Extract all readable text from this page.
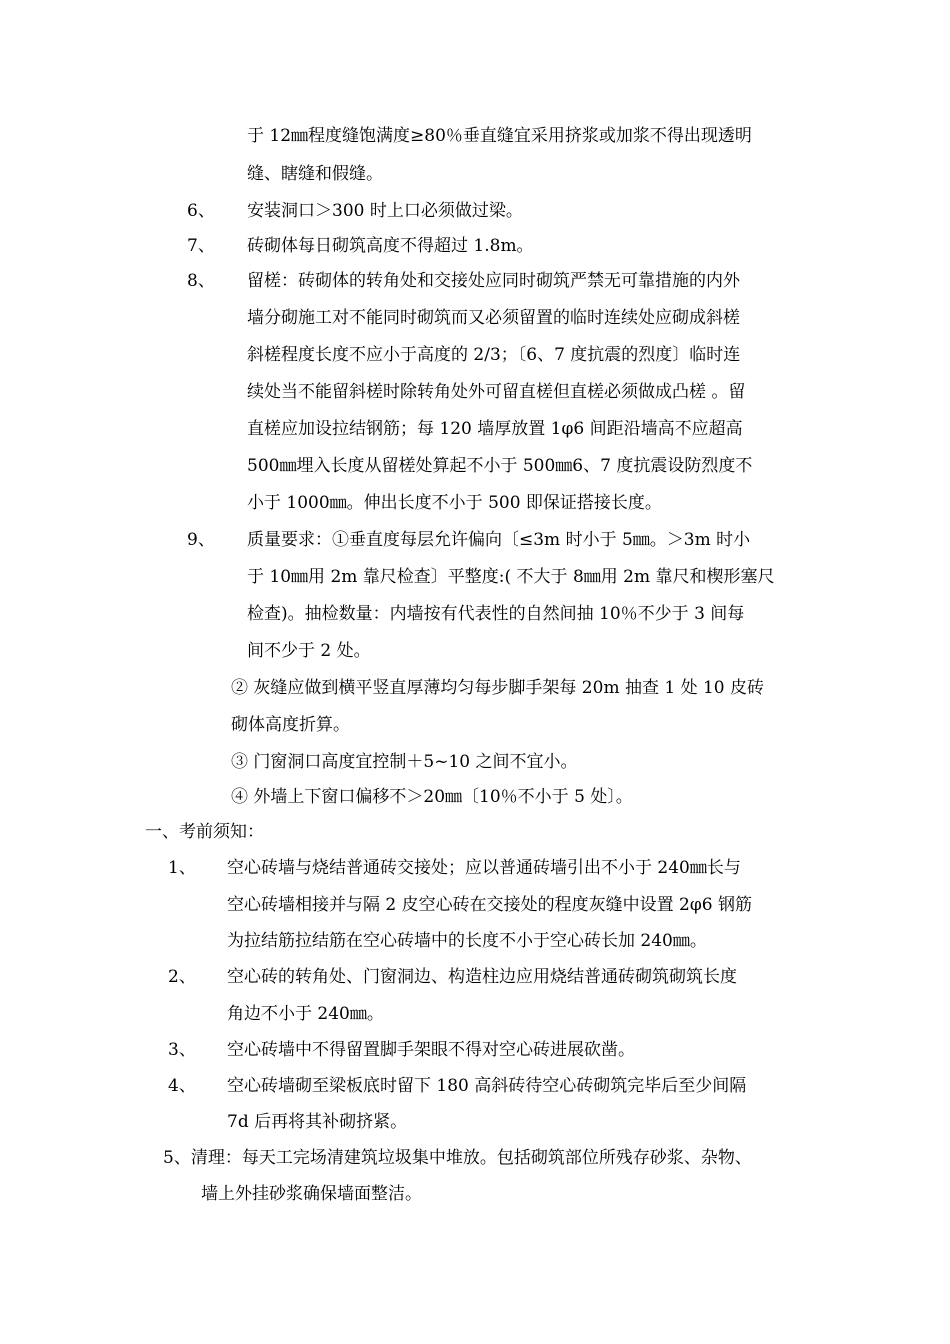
于 12㎜程度缝饱满度≥80％垂直缝宜采用挤浆或加浆不得出现透明
缝、瞎缝和假缝。
6、 安装洞口＞300 时上口必须做过梁。
7、 砖砌体每日砌筑高度不得超过 1.8m。
8、 留槎：砖砌体的转角处和交接处应同时砌筑严禁无可靠措施的内外
墙分砌施工对不能同时砌筑而又必须留置的临时连续处应砌成斜槎
斜槎程度长度不应小于高度的 2/3；〔6、7 度抗震的烈度〕临时连
续处当不能留斜槎时除转角处外可留直槎但直槎必须做成凸槎 。留
直槎应加设拉结钢筋；每 120 墙厚放置 1φ6 间距沿墙高不应超高
500㎜埋入长度从留槎处算起不小于 500㎜6、7 度抗震设防烈度不
小于 1000㎜。伸出长度不小于 500 即保证搭接长度。
9、 质量要求：①垂直度每层允许偏向〔≤3m 时小于 5㎜。＞3m 时小
于 10㎜用 2m 靠尺检查〕平整度:( 不大于 8㎜用 2m 靠尺和楔形塞尺
检查)。抽检数量：内墙按有代表性的自然间抽 10％不少于 3 间每
间不少于 2 处。
② 灰缝应做到横平竖直厚薄均匀每步脚手架每 20m 抽查 1 处 10 皮砖
砌体高度折算。
③ 门窗洞口高度宜控制＋5~10 之间不宜小。
④ 外墙上下窗口偏移不＞20㎜〔10％不小于 5 处〕。
一、考前须知：
1、 空心砖墙与烧结普通砖交接处；应以普通砖墙引出不小于 240㎜长与
空心砖墙相接并与隔 2 皮空心砖在交接处的程度灰缝中设置 2φ6 钢筋
为拉结筋拉结筋在空心砖墙中的长度不小于空心砖长加 240㎜。
2、 空心砖的转角处、门窗洞边、构造柱边应用烧结普通砖砌筑砌筑长度
角边不小于 240㎜。
3、 空心砖墙中不得留置脚手架眼不得对空心砖进展砍凿。
4、 空心砖墙砌至梁板底时留下 180 高斜砖待空心砖砌筑完毕后至少间隔
7d 后再将其补砌挤紧。
5、清理：每天工完场清建筑垃圾集中堆放。包括砌筑部位所残存砂浆、杂物、
墙上外挂砂浆确保墙面整洁。
